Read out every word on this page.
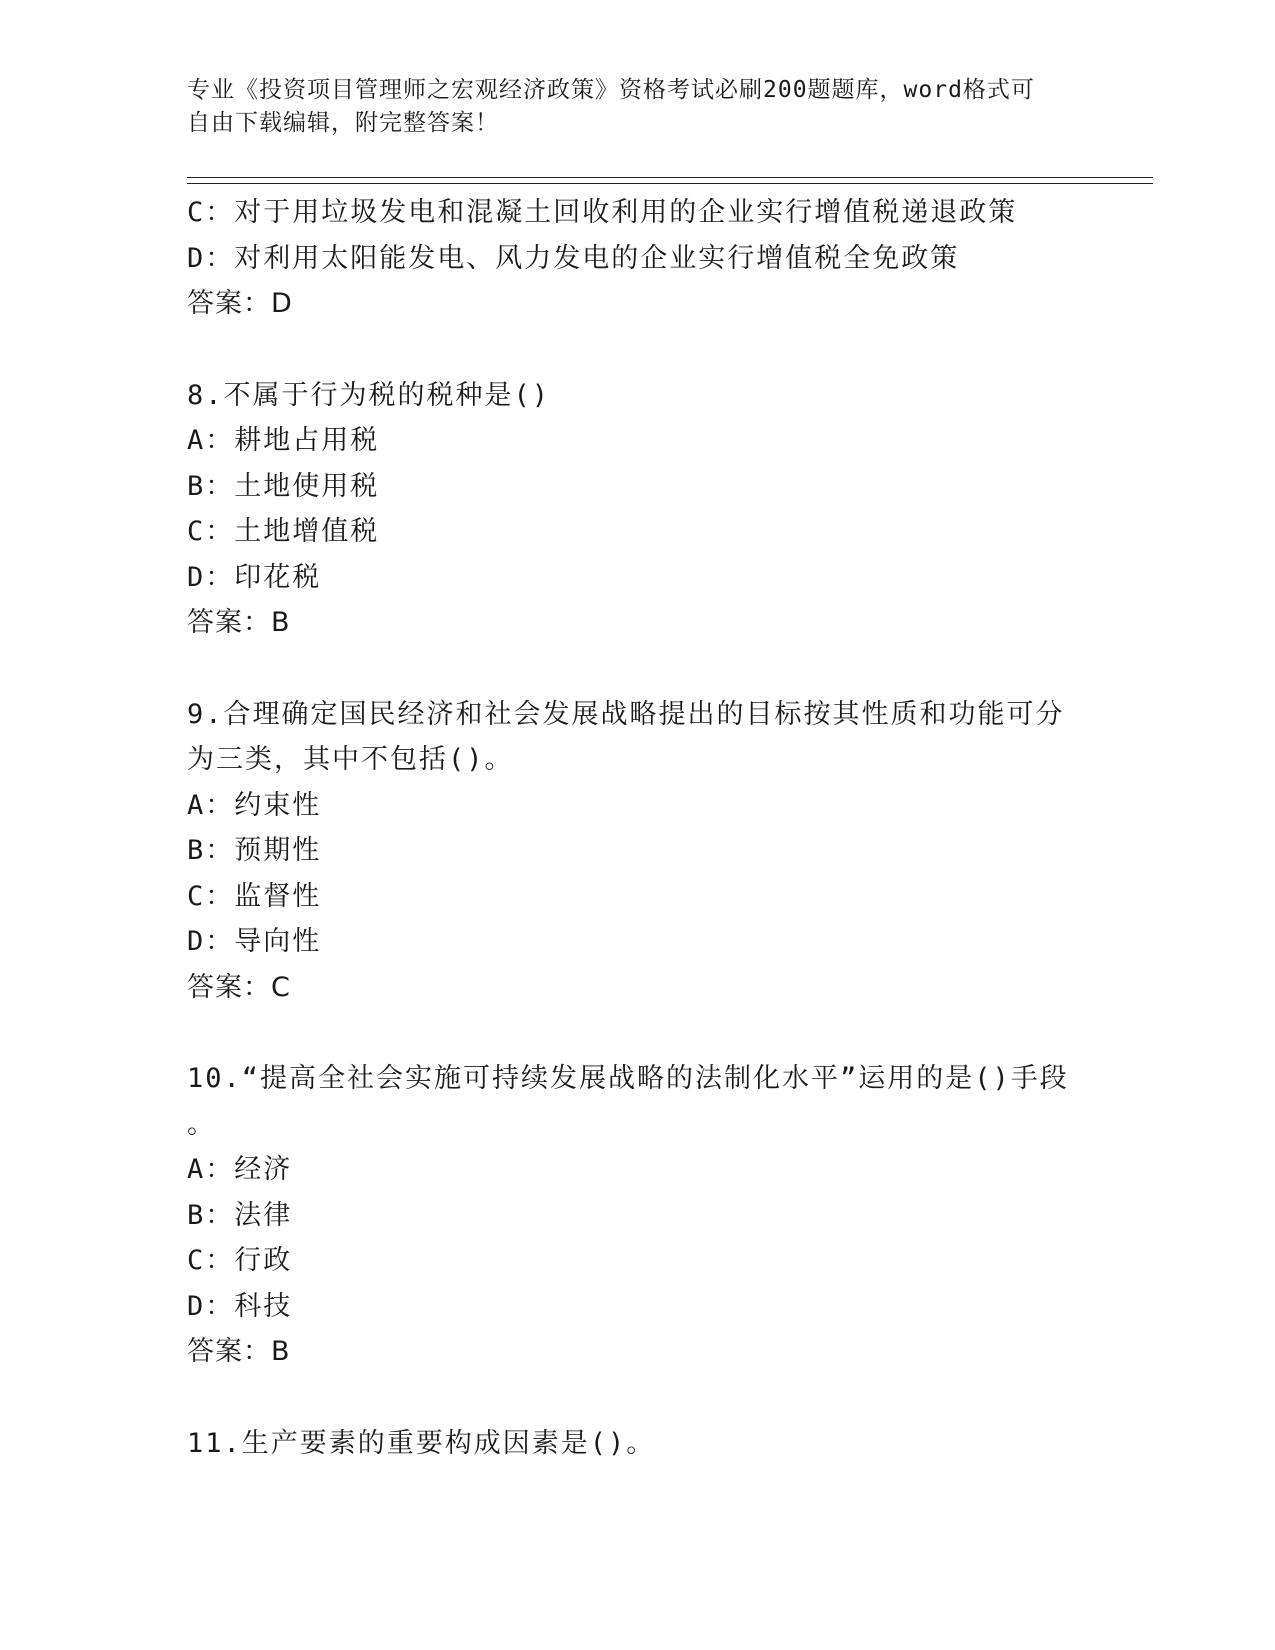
专业《投资项目管理师之宏观经济政策》资格考试必刷200题题库，word格式可
自由下载编辑，附完整答案！
C：对于用垃圾发电和混凝土回收利用的企业实行增值税递退政策
D：对利用太阳能发电、风力发电的企业实行增值税全免政策
答案：D
8.不属于行为税的税种是()
A：耕地占用税
B：土地使用税
C：土地增值税
D：印花税
答案：B
9.合理确定国民经济和社会发展战略提出的目标按其性质和功能可分
为三类，其中不包括()。
A：约束性
B：预期性
C：监督性
D：导向性
答案：C
10.“提高全社会实施可持续发展战略的法制化水平”运用的是()手段
。
A：经济
B：法律
C：行政
D：科技
答案：B
11.生产要素的重要构成因素是()。
